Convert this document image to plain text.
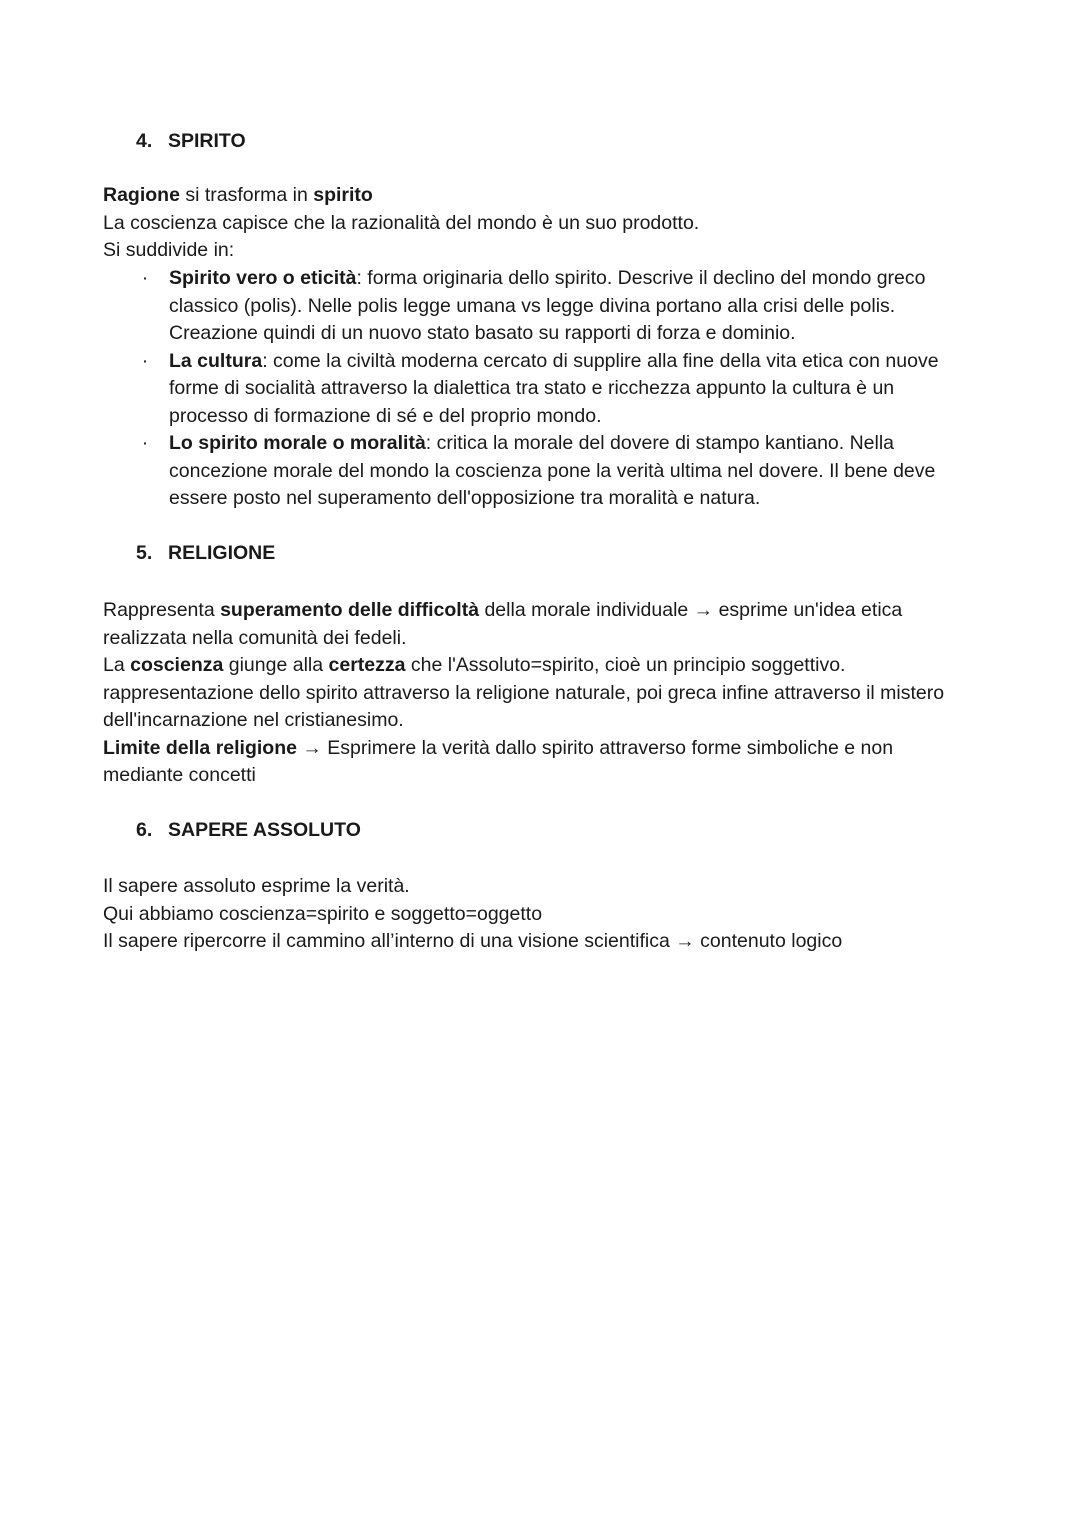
4. SPIRITO
Ragione si trasforma in spirito
La coscienza capisce che la razionalità del mondo è un suo prodotto.
Si suddivide in:
· Spirito vero o eticità: forma originaria dello spirito. Descrive il declino del mondo greco
classico (polis). Nelle polis legge umana vs legge divina portano alla crisi delle polis.
Creazione quindi di un nuovo stato basato su rapporti di forza e dominio.
· La cultura: come la civiltà moderna cercato di supplire alla fine della vita etica con nuove
forme di socialità attraverso la dialettica tra stato e ricchezza appunto la cultura è un
processo di formazione di sé e del proprio mondo.
· Lo spirito morale o moralità: critica la morale del dovere di stampo kantiano. Nella
concezione morale del mondo la coscienza pone la verità ultima nel dovere. Il bene deve
essere posto nel superamento dell'opposizione tra moralità e natura.
5. RELIGIONE
Rappresenta superamento delle difficoltà della morale individuale → esprime un'idea etica
realizzata nella comunità dei fedeli.
La coscienza giunge alla certezza che l'Assoluto=spirito, cioè un principio soggettivo.
rappresentazione dello spirito attraverso la religione naturale, poi greca infine attraverso il mistero
dell'incarnazione nel cristianesimo.
Limite della religione → Esprimere la verità dallo spirito attraverso forme simboliche e non
mediante concetti
6. SAPERE ASSOLUTO
Il sapere assoluto esprime la verità.
Qui abbiamo coscienza=spirito e soggetto=oggetto
Il sapere ripercorre il cammino all’interno di una visione scientifica → contenuto logico
